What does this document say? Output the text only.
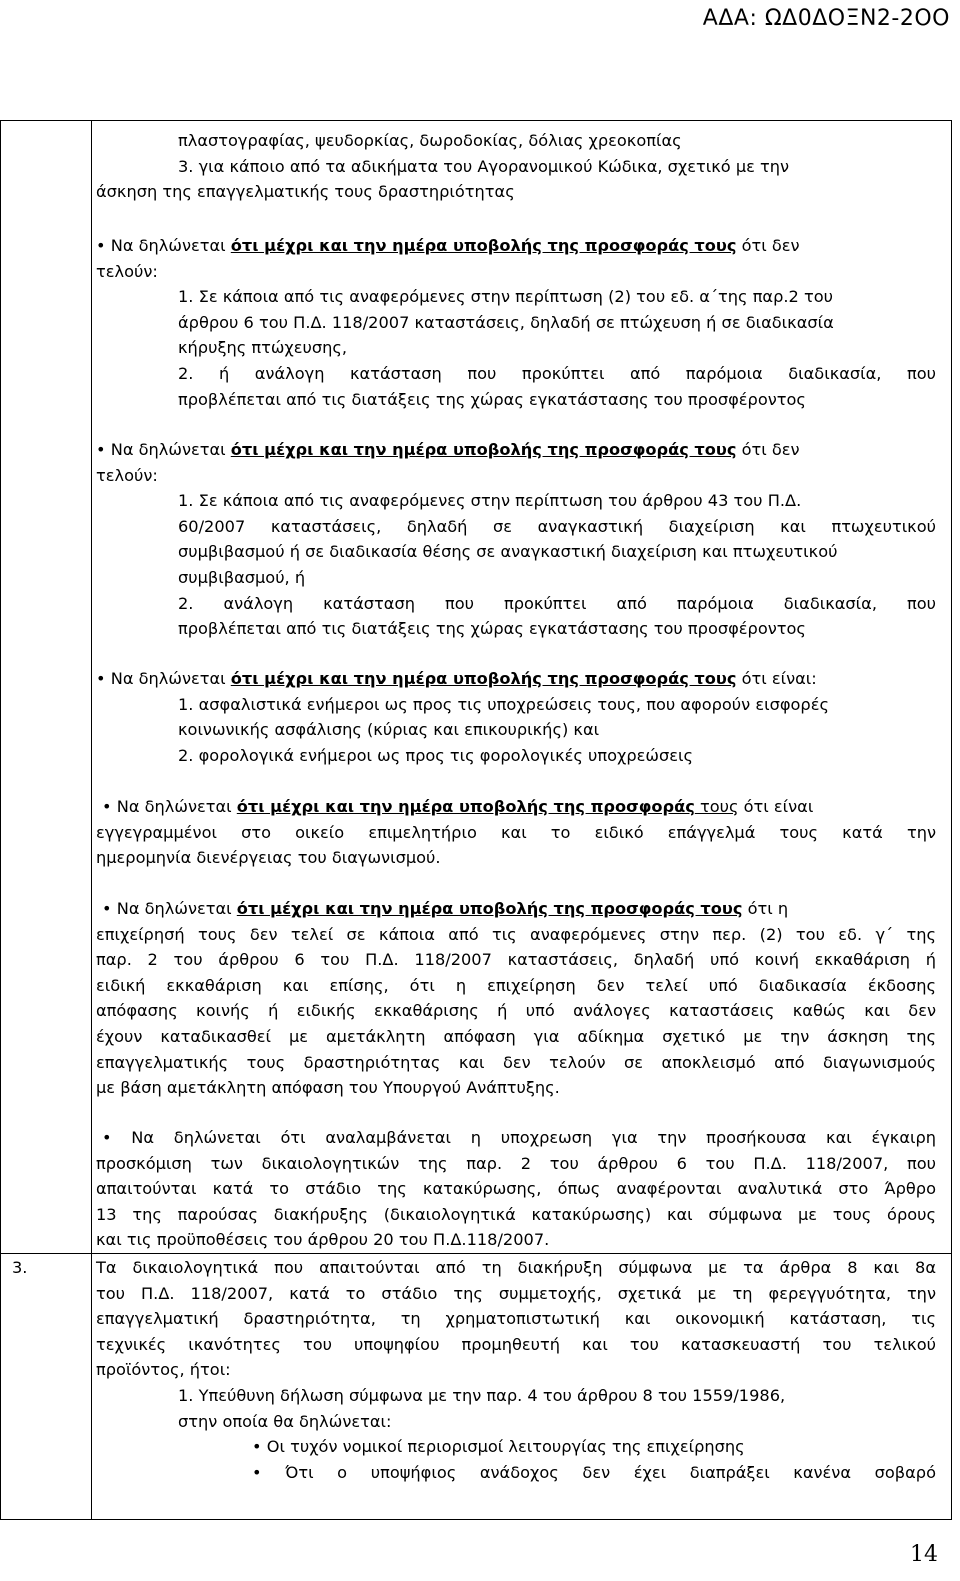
ΑΔΑ: ΩΔ0ΔΟΞΝ2-2ΟΟ
3.
πλαστογραφίας, ψευδορκίας, δωροδοκίας, δόλιας χρεοκοπίας
3. για κάποιο από τα αδικήματα του Αγορανομικού Κώδικα, σχετικό με την
άσκηση της επαγγελματικής τους δραστηριότητας
• Να δηλώνεται ότι μέχρι και την ημέρα υποβολής της προσφοράς τους ότι δεν
τελούν:
1. Σε κάποια από τις αναφερόμενες στην περίπτωση (2) του εδ. α΄της παρ.2 του
άρθρου 6 του Π.Δ. 118/2007 καταστάσεις, δηλαδή σε πτώχευση ή σε διαδικασία
κήρυξης πτώχευσης,
2. ή ανάλογη κατάσταση που προκύπτει από παρόμοια διαδικασία, που
προβλέπεται από τις διατάξεις της χώρας εγκατάστασης του προσφέροντος
• Να δηλώνεται ότι μέχρι και την ημέρα υποβολής της προσφοράς τους ότι δεν
τελούν:
1. Σε κάποια από τις αναφερόμενες στην περίπτωση του άρθρου 43 του Π.Δ.
60/2007 καταστάσεις, δηλαδή σε αναγκαστική διαχείριση και πτωχευτικού
συμβιβασμού ή σε διαδικασία θέσης σε αναγκαστική διαχείριση και πτωχευτικού
συμβιβασμού, ή
2. ανάλογη κατάσταση που προκύπτει από παρόμοια διαδικασία, που
προβλέπεται από τις διατάξεις της χώρας εγκατάστασης του προσφέροντος
• Να δηλώνεται ότι μέχρι και την ημέρα υποβολής της προσφοράς τους ότι είναι:
1. ασφαλιστικά ενήμεροι ως προς τις υποχρεώσεις τους, που αφορούν εισφορές
κοινωνικής ασφάλισης (κύριας και επικουρικής) και
2. φορολογικά ενήμεροι ως προς τις φορολογικές υποχρεώσεις
• Να δηλώνεται ότι μέχρι και την ημέρα υποβολής της προσφοράς τους ότι είναι
εγγεγραμμένοι στο οικείο επιμελητήριο και το ειδικό επάγγελμά τους κατά την
ημερομηνία διενέργειας του διαγωνισμού.
• Να δηλώνεται ότι μέχρι και την ημέρα υποβολής της προσφοράς τους ότι η
επιχείρησή τους δεν τελεί σε κάποια από τις αναφερόμενες στην περ. (2) του εδ. γ΄ της
παρ. 2 του άρθρου 6 του Π.Δ. 118/2007 καταστάσεις, δηλαδή υπό κοινή εκκαθάριση ή
ειδική εκκαθάριση και επίσης, ότι η επιχείρηση δεν τελεί υπό διαδικασία έκδοσης
απόφασης κοινής ή ειδικής εκκαθάρισης ή υπό ανάλογες καταστάσεις καθώς και δεν
έχουν καταδικασθεί με αμετάκλητη απόφαση για αδίκημα σχετικό με την άσκηση της
επαγγελματικής τους δραστηριότητας και δεν τελούν σε αποκλεισμό από διαγωνισμούς
με βάση αμετάκλητη απόφαση του Υπουργού Ανάπτυξης.
• Να δηλώνεται ότι αναλαμβάνεται η υποχρεωση για την προσήκουσα και έγκαιρη
προσκόμιση των δικαιολογητικών της παρ. 2 του άρθρου 6 του Π.Δ. 118/2007, που
απαιτούνται κατά το στάδιο της κατακύρωσης, όπως αναφέρονται αναλυτικά στο Άρθρο
13 της παρούσας διακήρυξης (δικαιολογητικά κατακύρωσης) και σύμφωνα με τους όρους
και τις προϋποθέσεις του άρθρου 20 του Π.Δ.118/2007.
Τα δικαιολογητικά που απαιτούνται από τη διακήρυξη σύμφωνα με τα άρθρα 8 και 8α
του Π.Δ. 118/2007, κατά το στάδιο της συμμετοχής, σχετικά με τη φερεγγυότητα, την
επαγγελματική δραστηριότητα, τη χρηματοπιστωτική και οικονομική κατάσταση, τις
τεχνικές ικανότητες του υποψηφίου προμηθευτή και του κατασκευαστή του τελικού
προϊόντος, ήτοι:
1. Υπεύθυνη δήλωση σύμφωνα με την παρ. 4 του άρθρου 8 του 1559/1986,
στην οποία θα δηλώνεται:
• Οι τυχόν νομικοί περιορισμοί λειτουργίας της επιχείρησης
• Ότι ο υποψήφιος ανάδοχος δεν έχει διαπράξει κανένα σοβαρό
14
